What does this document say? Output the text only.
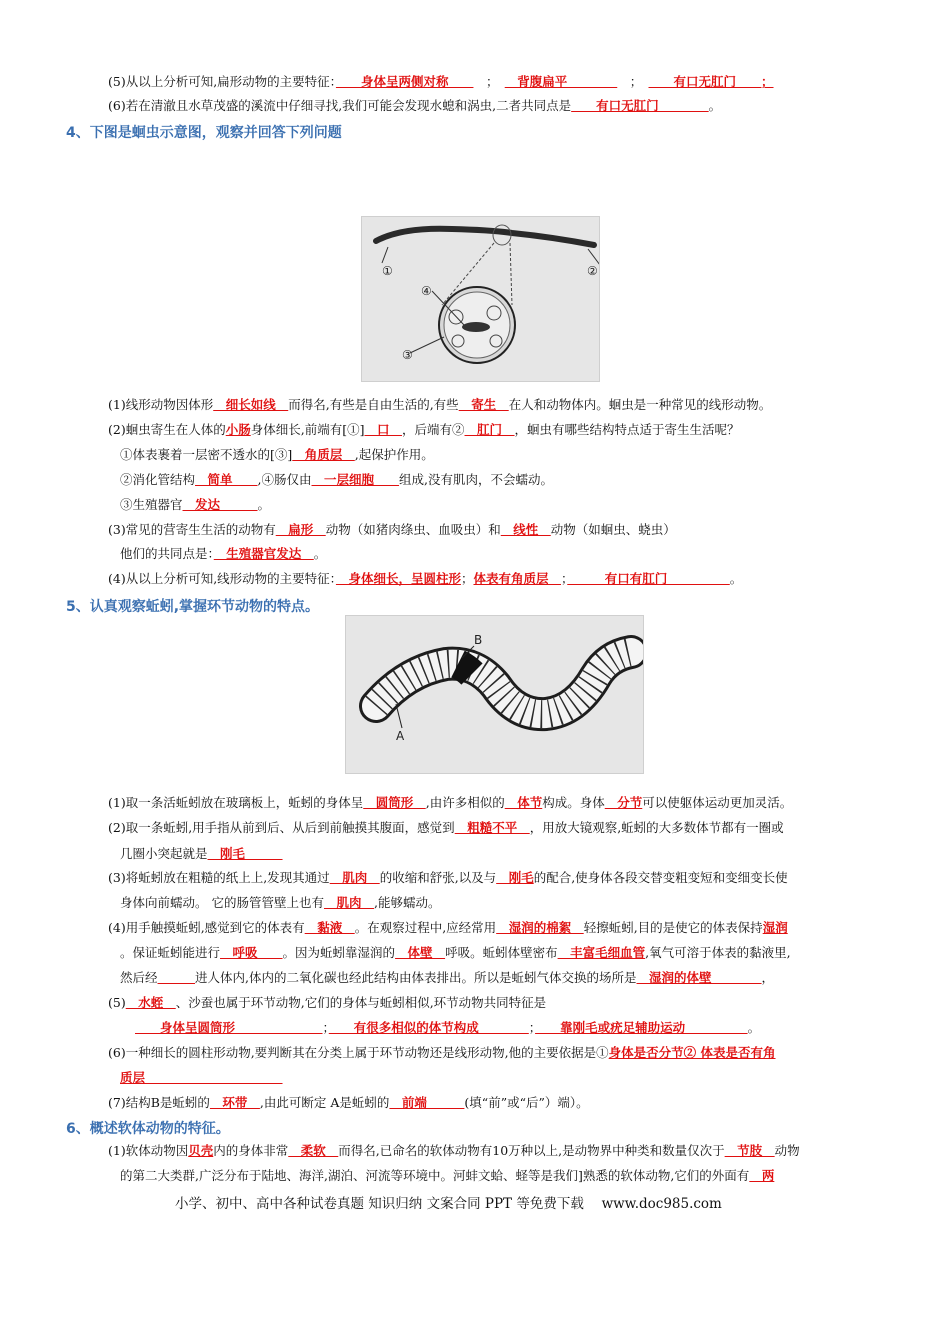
(5)从以上分析可知,扁形动物的主要特征：　　身体呈两侧对称　　　；　　背腹扁平　　　　　；　　　有口无肛门　　；
(6)若在清澈且水草茂盛的溪流中仔细寻找,我们可能会发现水螅和涡虫,二者共同点是　　有口无肛门　　　　。
4、下图是蛔虫示意图，观察并回答下列问题
①	②
④
③
(1)线形动物因体形　细长如线　而得名,有些是自由生活的,有些　寄生　在人和动物体内。蛔虫是一种常见的线形动物。
(2)蛔虫寄生在人体的小肠身体细长,前端有[①]　口　，后端有②　肛门　，蛔虫有哪些结构特点适于寄生生活呢？
①体表裹着一层密不透水的[③]　角质层　,起保护作用。
②消化管结构　简单　　,④肠仅由　一层细胞　　组成,没有肌肉，不会蠕动。
③生殖器官　发达　　　。
(3)常见的营寄生生活的动物有　扁形　动物（如猪肉绦虫、血吸虫）和　线性　动物（如蛔虫、蛲虫）
他们的共同点是：　生殖器官发达　。
(4)从以上分析可知,线形动物的主要特征：　身体细长，呈圆柱形；体表有角质层　；　　　有口有肛门　　　　　。
5、认真观察蚯蚓,掌握环节动物的特点。
B
A
(1)取一条活蚯蚓放在玻璃板上，蚯蚓的身体呈　圆筒形　,由许多相似的　体节构成。身体　分节可以使躯体运动更加灵活。
(2)取一条蚯蚓,用手指从前到后、从后到前触摸其腹面，感觉到　粗糙不平　，用放大镜观察,蚯蚓的大多数体节都有一圈或
几圈小突起就是　刚毛　　　
(3)将蚯蚓放在粗糙的纸上上,发现其通过　肌肉　的收缩和舒张,以及与　刚毛的配合,使身体各段交替变粗变短和变细变长使
身体向前蠕动。 它的肠管管壁上也有　肌肉　,能够蠕动。
(4)用手触摸蚯蚓,感觉到它的体表有　黏液　。在观察过程中,应经常用　湿润的棉絮　轻擦蚯蚓,目的是使它的体表保持湿润
。保证蚯蚓能进行　呼吸　　。因为蚯蚓靠湿润的　体壁　呼吸。蚯蚓体壁密布　丰富毛细血管,氧气可溶于体表的黏液里,
然后经　　　	进人体内,体内的二氧化碳也经此结构由体表排出。所以是蚯蚓气体交换的场所是　湿润的体壁　　　　，
(5)　水蛭　、沙蚕也属于环节动物,它们的身体与蚯蚓相似,环节动物共同特征是
　　身体呈圆筒形　　　　　　　；　　有很多相似的体节构成　　　　；　　靠刚毛或疣足辅助运动　　　　　。
(6)一种细长的圆柱形动物,要判断其在分类上属于环节动物还是线形动物,他的主要依据是①身体是否分节② 体表是否有角
质层　　　　　　　　　　　
(7)结构B是蚯蚓的　环带　,由此可断定 A是蚯蚓的　前端　　　(填“前”或“后”）端）。
6、概述软体动物的特征。
(1)软体动物因贝壳内的身体非常　柔软　而得名,已命名的软体动物有10万种以上,是动物界中种类和数量仅次于　节肢　动物
的第二大类群,广泛分布于陆地、海洋,湖泊、河流等环境中。河蚌文蛤、蛏等是我们]熟悉的软体动物,它们的外面有　两
小学、初中、高中各种试卷真题 知识归纳 文案合同 PPT 等免费下载　 www.doc985.com
